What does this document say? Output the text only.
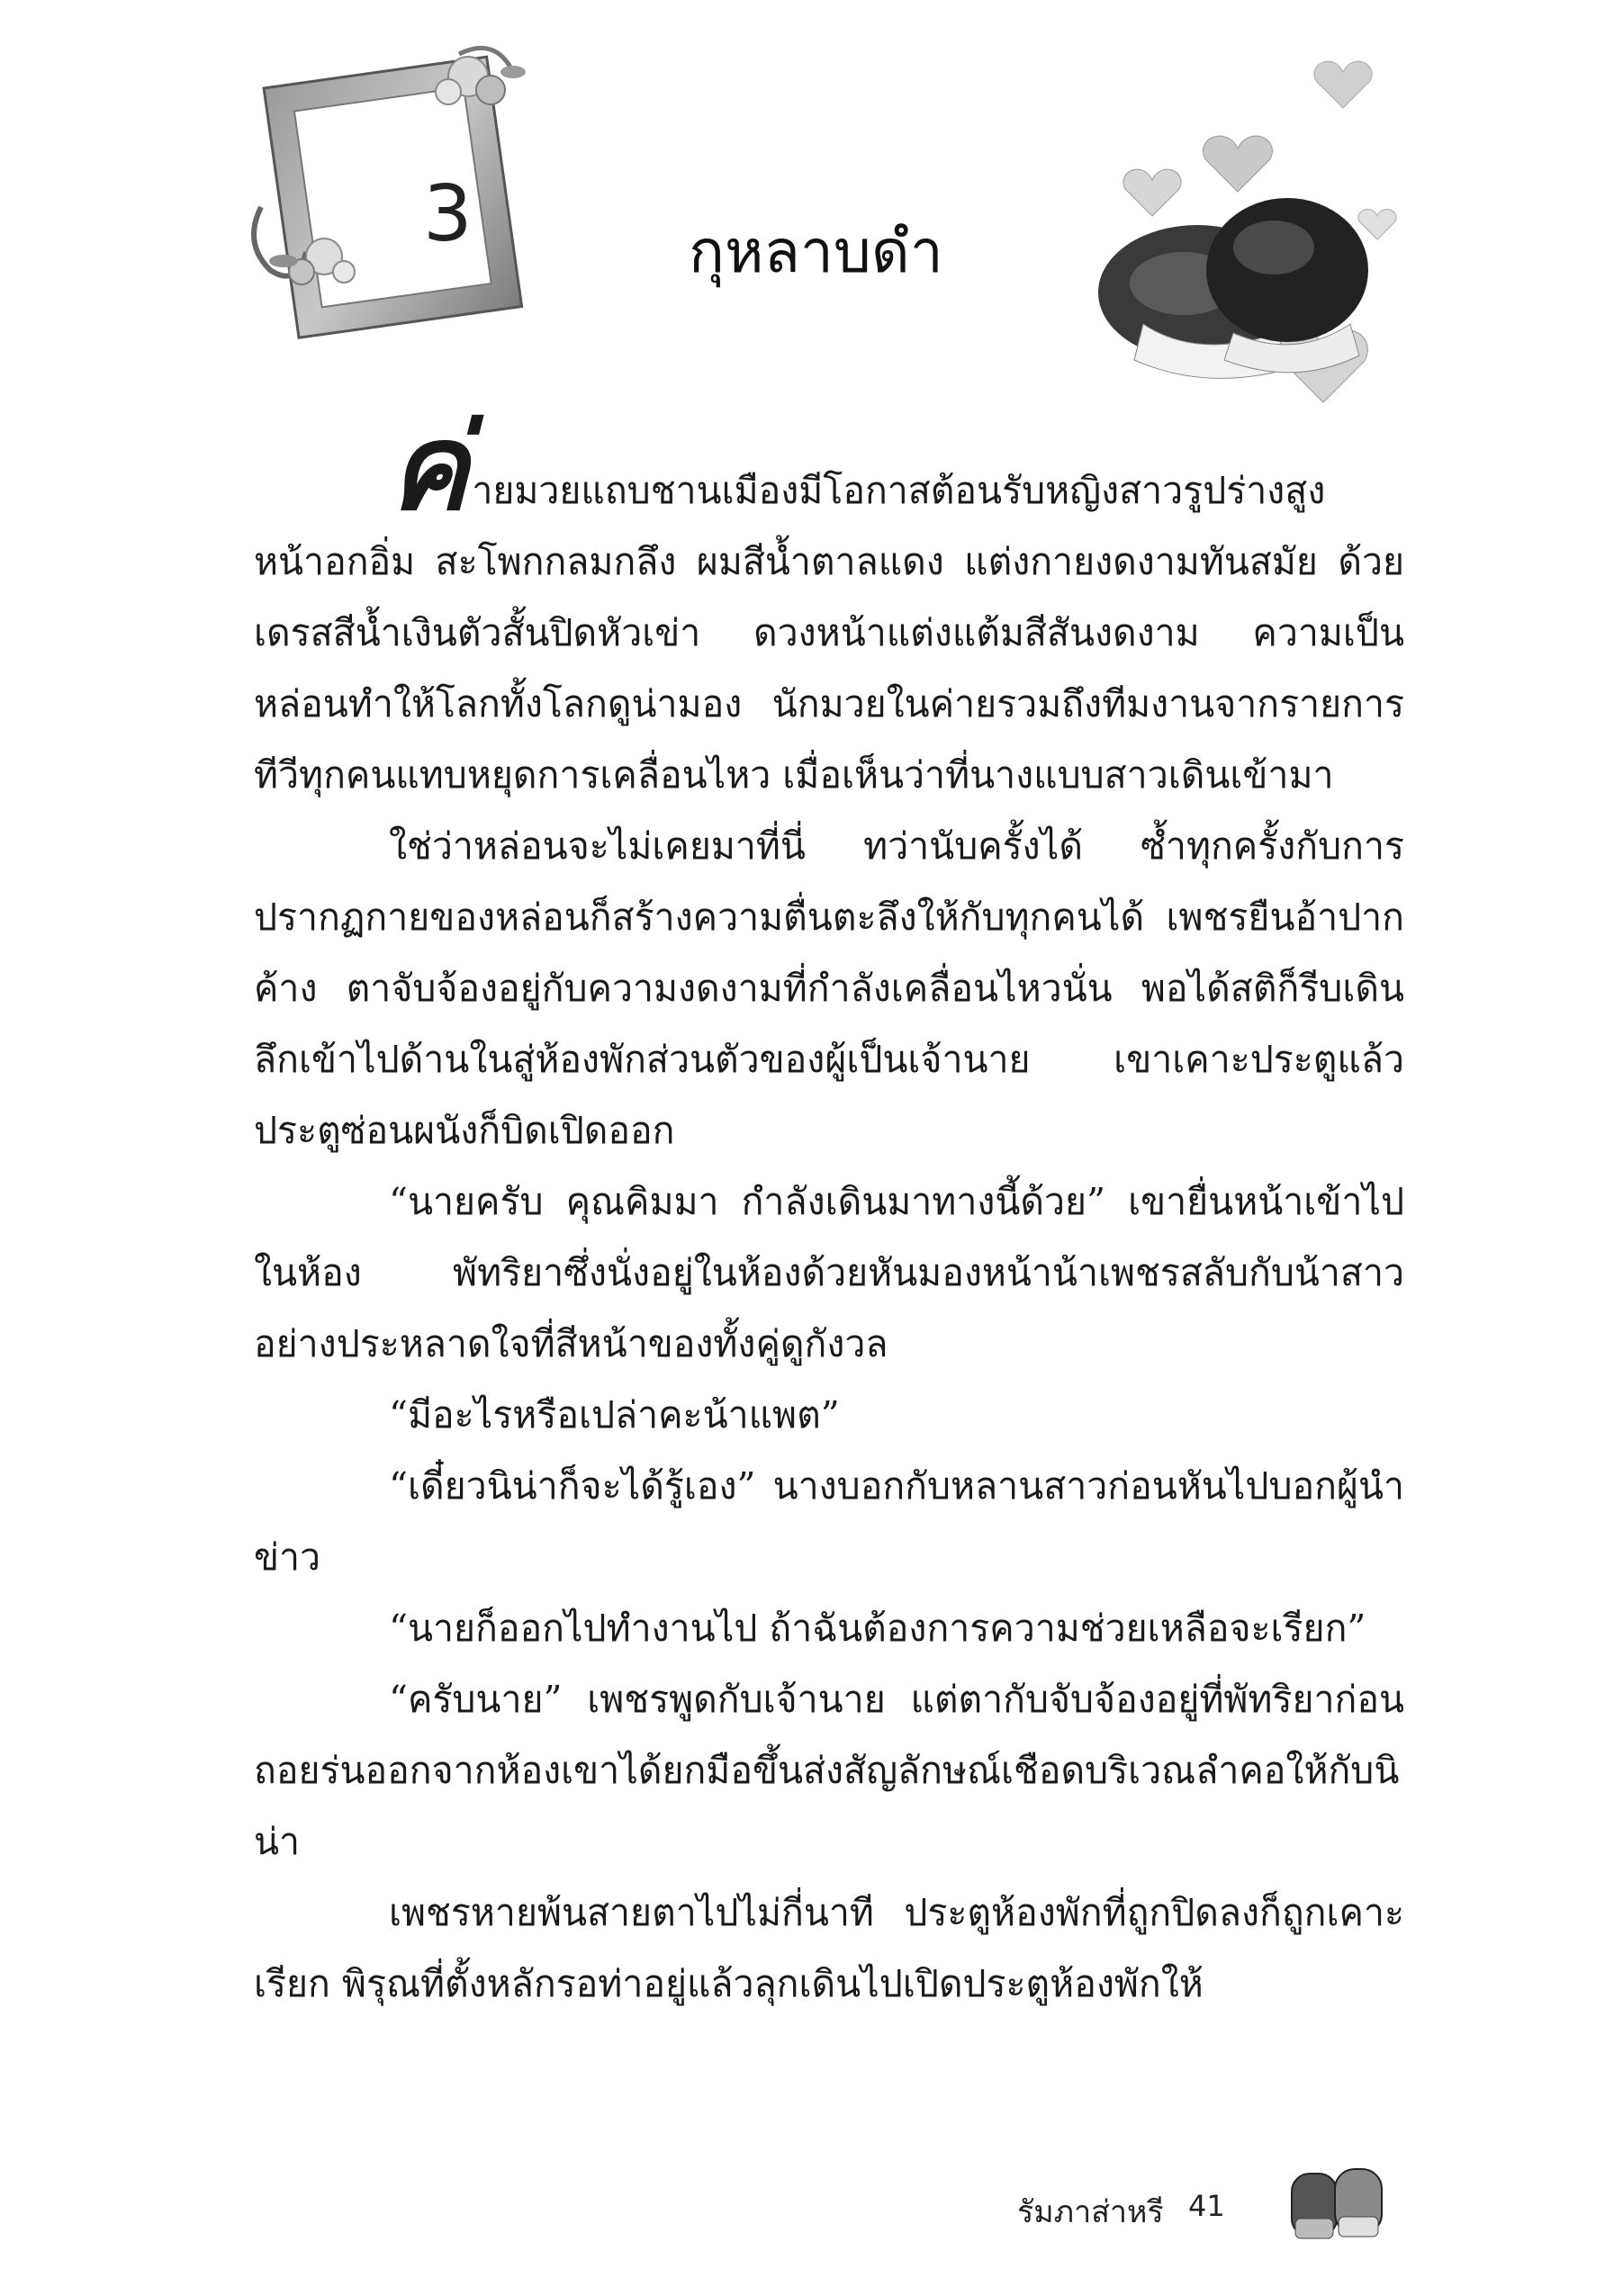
3	กุหลาบดำ

ค่ายมวยแถบชานเมืองมีโอกาสต้อนรับหญิงสาวรูปร่างสูง หน้าอกอิ่ม สะโพกกลมกลึง ผมสีน้ำตาลแดง แต่งกายงดงามทันสมัย ด้วยเดรสสีน้ำเงินตัวสั้นปิดหัวเข่า ดวงหน้าแต่งแต้มสีสันงดงาม ความเป็นหล่อนทำให้โลกทั้งโลกดูน่ามอง นักมวยในค่ายรวมถึงทีมงานจากรายการทีวีทุกคนแทบหยุดการเคลื่อนไหว เมื่อเห็นว่าที่นางแบบสาวเดินเข้ามา

ใช่ว่าหล่อนจะไม่เคยมาที่นี่ ทว่านับครั้งได้ ซ้ำทุกครั้งกับการปรากฏกายของหล่อนก็สร้างความตื่นตะลึงให้กับทุกคนได้ เพชรยืนอ้าปากค้าง ตาจับจ้องอยู่กับความงดงามที่กำลังเคลื่อนไหวนั่น พอได้สติก็รีบเดินลึกเข้าไปด้านในสู่ห้องพักส่วนตัวของผู้เป็นเจ้านาย เขาเคาะประตูแล้วประตูซ่อนผนังก็บิดเปิดออก

“นายครับ คุณคิมมา กำลังเดินมาทางนี้ด้วย” เขายื่นหน้าเข้าไปในห้อง พัทริยาซึ่งนั่งอยู่ในห้องด้วยหันมองหน้าน้าเพชรสลับกับน้าสาวอย่างประหลาดใจที่สีหน้าของทั้งคู่ดูกังวล

“มีอะไรหรือเปล่าคะน้าแพต”

“เดี๋ยวนิน่าก็จะได้รู้เอง” นางบอกกับหลานสาวก่อนหันไปบอกผู้นำข่าว

“นายก็ออกไปทำงานไป ถ้าฉันต้องการความช่วยเหลือจะเรียก”

“ครับนาย” เพชรพูดกับเจ้านาย แต่ตากับจับจ้องอยู่ที่พัทริยาก่อนถอยร่นออกจากห้องเขาได้ยกมือขึ้นส่งสัญลักษณ์เชือดบริเวณลำคอให้กับนิน่า

เพชรหายพ้นสายตาไปไม่กี่นาที ประตูห้องพักที่ถูกปิดลงก็ถูกเคาะเรียก พิรุณที่ตั้งหลักรอท่าอยู่แล้วลุกเดินไปเปิดประตูห้องพักให้

รัมภาส่าหรี 41
